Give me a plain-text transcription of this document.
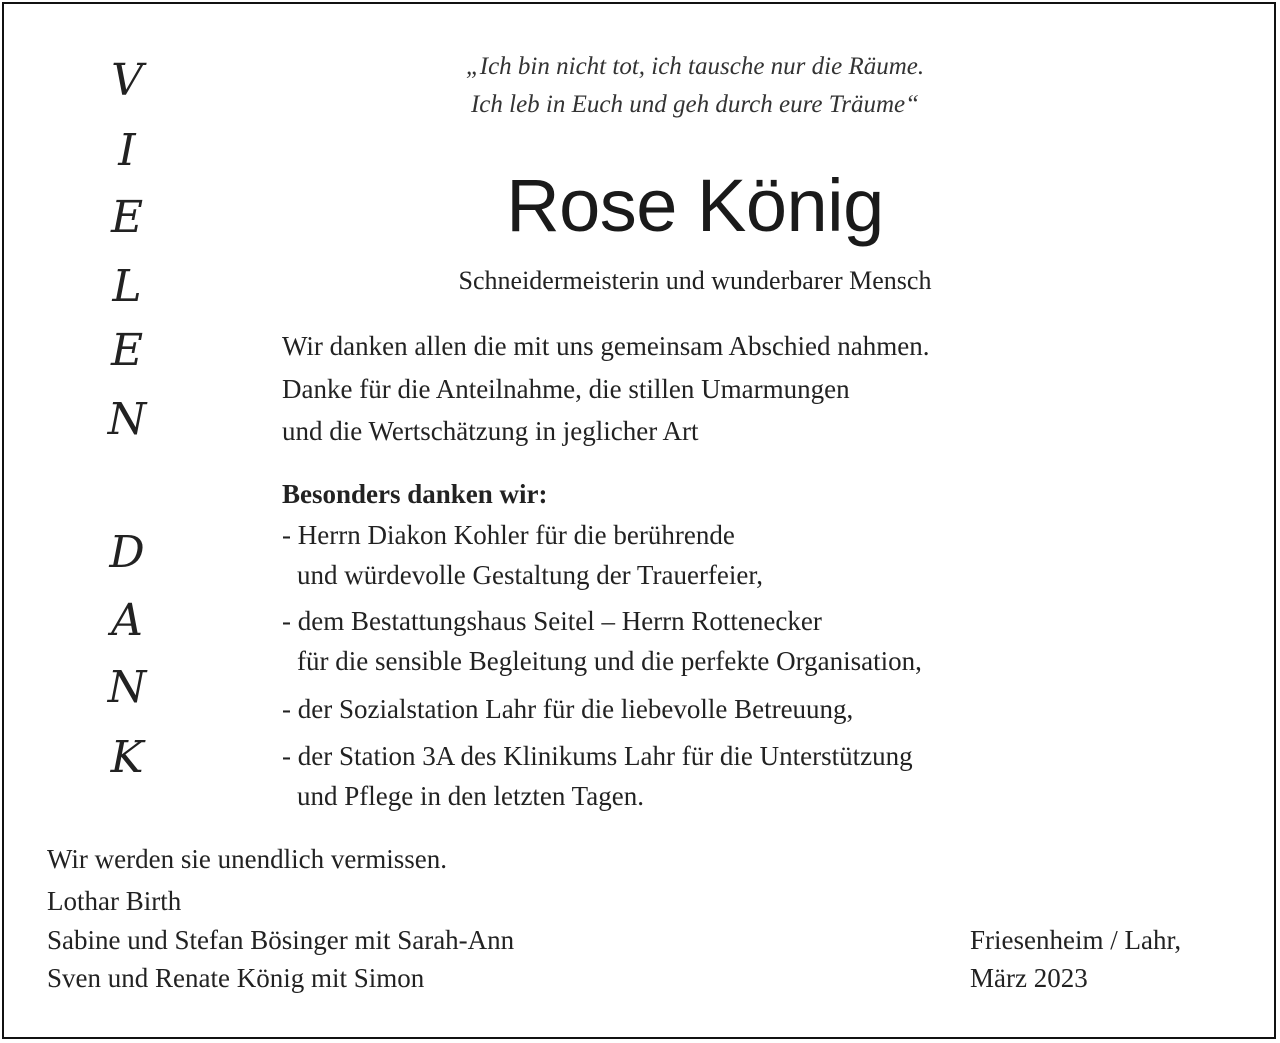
V
I
E
L
E
N
D
A
N
K
„Ich bin nicht tot, ich tausche nur die Räume.
Ich leb in Euch und geh durch eure Träume“
Rose König
Schneidermeisterin und wunderbarer Mensch
Wir danken allen die mit uns gemeinsam Abschied nahmen.
Danke für die Anteilnahme, die stillen Umarmungen
und die Wertschätzung in jeglicher Art
Besonders danken wir:
- Herrn Diakon Kohler für die berührende
und würdevolle Gestaltung der Trauerfeier,
- dem Bestattungshaus Seitel – Herrn Rottenecker
für die sensible Begleitung und die perfekte Organisation,
- der Sozialstation Lahr für die liebevolle Betreuung,
- der Station 3A des Klinikums Lahr für die Unterstützung
und Pflege in den letzten Tagen.
Wir werden sie unendlich vermissen.
Lothar Birth
Sabine und Stefan Bösinger mit Sarah-Ann
Sven und Renate König mit Simon
Friesenheim / Lahr,
März 2023
